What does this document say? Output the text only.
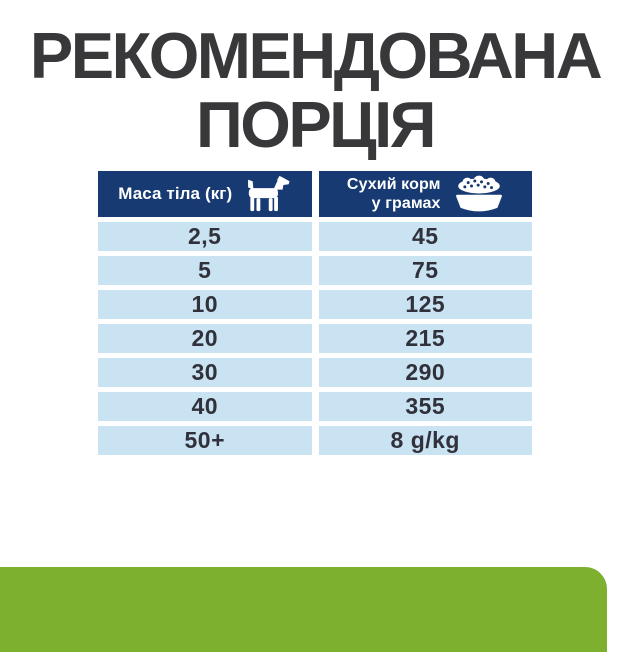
РЕКОМЕНДОВАНА
ПОРЦІЯ
Маса тіла (кг)	Сухий корм
у грамах
2,5	45
5	75
10	125
20	215
30	290
40	355
50+	8 g/kg
